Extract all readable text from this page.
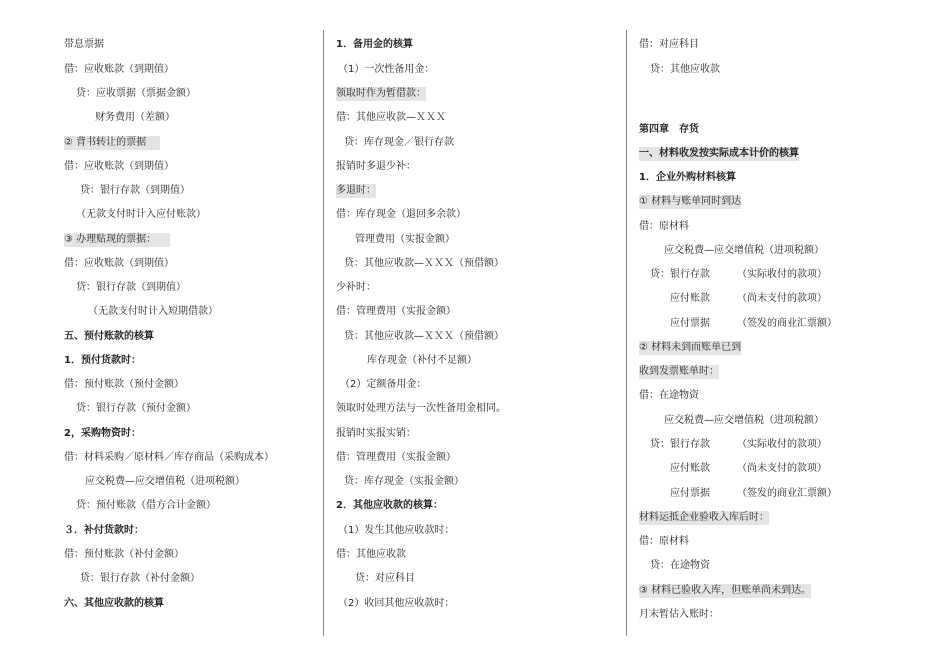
带息票据
借：应收账款（到期值）
贷：应收票据（票据金额）
财务费用（差额）
② 背书转让的票据
借：应收账款（到期值）
贷：银行存款（到期值）
（无款支付时计入应付账款）
③ 办理贴现的票据：
借：应收账款（到期值）
贷：银行存款（到期值）
（无款支付时计入短期借款）
五、预付账款的核算
1．预付货款时：
借：预付账款（预付金额）
贷：银行存款（预付金额）
2，采购物资时：
借：材料采购／原材料／库存商品（采购成本）
应交税费—应交增值税（进项税额）
贷：预付账款（借方合计金额）
３．补付货款时：
借：预付账款（补付金额）
贷：银行存款（补付金额）
六、其他应收款的核算
1．备用金的核算
（1）一次性备用金：
领取时作为暂借款：
借：其他应收款—ＸＸＸ
贷：库存现金／银行存款
报销时多退少补：
多退时：
借：库存现金（退回多余款）
管理费用（实报金额）
贷：其他应收款—ＸＸＸ（预借额）
少补时：
借：管理费用（实报金额）
贷：其他应收款—ＸＸＸ（预借额）
库存现金（补付不足额）
（2）定额备用金：
领取时处理方法与一次性备用金相同。
报销时实报实销：
借：管理费用（实报金额）
贷：库存现金（实报金额）
2．其他应收款的核算：
（1）发生其他应收款时：
借：其他应收款
贷：对应科目
（2）收回其他应收款时：
借：对应科目
贷：其他应收款
第四章　存货
一、材料收发按实际成本计价的核算
1．企业外购材料核算
① 材料与账单同时到达
借：原材料
应交税费—应交增值税（进项税额）
贷：银行存款	（实际收付的款项）
应付账款	（尚未支付的款项）
应付票据	（签发的商业汇票额）
② 材料未到而账单已到
收到发票账单时：
借：在途物资
应交税费—应交增值税（进项税额）
贷：银行存款	（实际收付的款项）
应付账款	（尚未支付的款项）
应付票据	（签发的商业汇票额）
材料运抵企业验收入库后时：
借：原材料
贷：在途物资
③ 材料已验收入库，但账单尚未到达。
月末暂估入账时：
